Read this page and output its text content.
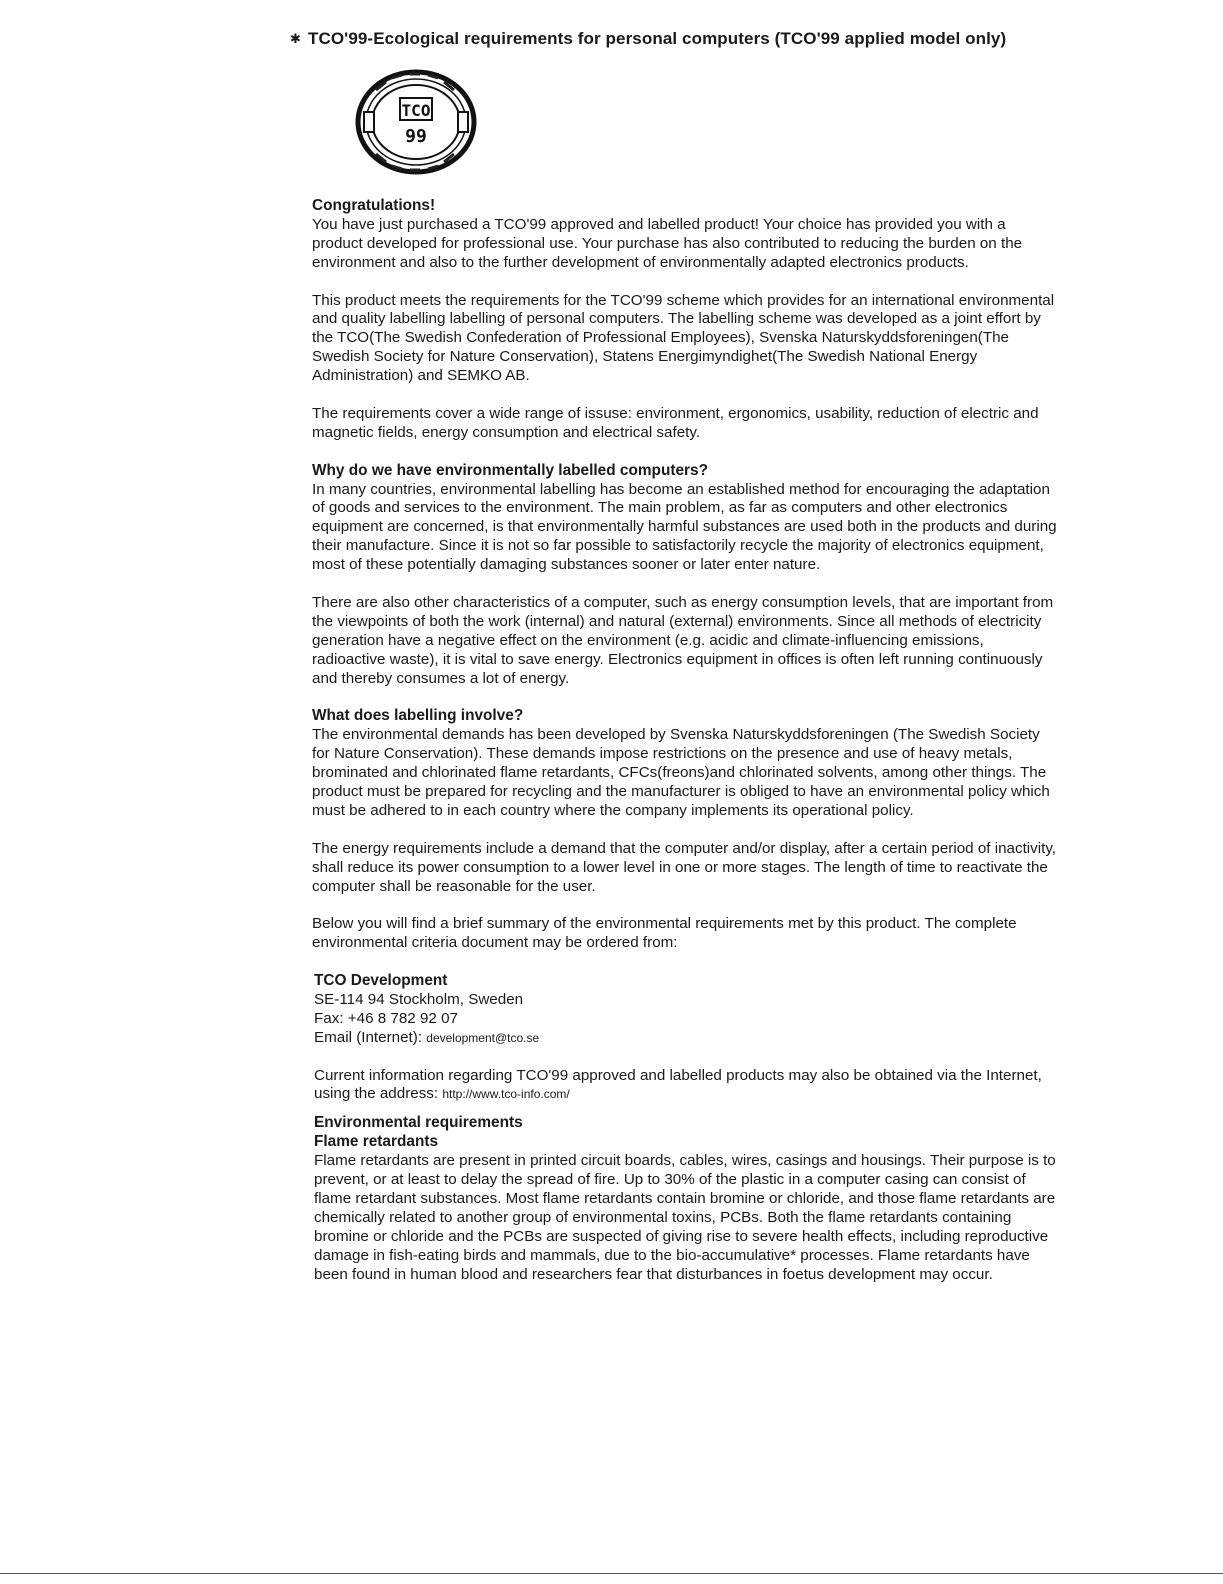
✱ TCO'99-Ecological requirements for personal computers (TCO'99 applied model only)
TCO
99

Congratulations!

You have just purchased a TCO'99 approved and labelled product! Your choice has provided you with a product developed for professional use. Your purchase has also contributed to reducing the burden on the environment and also to the further development of environmentally adapted electronics products.

This product meets the requirements for the TCO'99 scheme which provides for an international environmental and quality labelling labelling of personal computers. The labelling scheme was developed as a joint effort by the TCO(The Swedish Confederation of Professional Employees), Svenska Naturskyddsforeningen(The Swedish Society for Nature Conservation), Statens Energimyndighet(The Swedish National Energy Administration) and SEMKO AB.

The requirements cover a wide range of issuse: environment, ergonomics, usability, reduction of electric and magnetic fields, energy consumption and electrical safety.

Why do we have environmentally labelled computers?

In many countries, environmental labelling has become an established method for encouraging the adaptation of goods and services to the environment. The main problem, as far as computers and other electronics equipment are concerned, is that environmentally harmful substances are used both in the products and during their manufacture. Since it is not so far possible to satisfactorily recycle the majority of electronics equipment, most of these potentially damaging substances sooner or later enter nature.

There are also other characteristics of a computer, such as energy consumption levels, that are important from the viewpoints of both the work (internal) and natural (external) environments. Since all methods of electricity generation have a negative effect on the environment (e.g. acidic and climate-influencing emissions, radioactive waste), it is vital to save energy. Electronics equipment in offices is often left running continuously and thereby consumes a lot of energy.

What does labelling involve?

The environmental demands has been developed by Svenska Naturskyddsforeningen (The Swedish Society for Nature Conservation). These demands impose restrictions on the presence and use of heavy metals, brominated and chlorinated flame retardants, CFCs(freons)and chlorinated solvents, among other things. The product must be prepared for recycling and the manufacturer is obliged to have an environmental policy which must be adhered to in each country where the company implements its operational policy.

The energy requirements include a demand that the computer and/or display, after a certain period of inactivity, shall reduce its power consumption to a lower level in one or more stages. The length of time to reactivate the computer shall be reasonable for the user.

Below you will find a brief summary of the environmental requirements met by this product. The complete environmental criteria document may be ordered from:

TCO Development

SE-114 94 Stockholm, Sweden

Fax: +46 8 782 92 07

Email (Internet): development@tco.se

Current information regarding TCO'99 approved and labelled products may also be obtained via the Internet, using the address: http://www.tco-info.com/

Environmental requirements

Flame retardants

Flame retardants are present in printed circuit boards, cables, wires, casings and housings. Their purpose is to prevent, or at least to delay the spread of fire. Up to 30% of the plastic in a computer casing can consist of flame retardant substances. Most flame retardants contain bromine or chloride, and those flame retardants are chemically related to another group of environmental toxins, PCBs. Both the flame retardants containing bromine or chloride and the PCBs are suspected of giving rise to severe health effects, including reproductive damage in fish-eating birds and mammals, due to the bio-accumulative* processes. Flame retardants have been found in human blood and researchers fear that disturbances in foetus development may occur.
